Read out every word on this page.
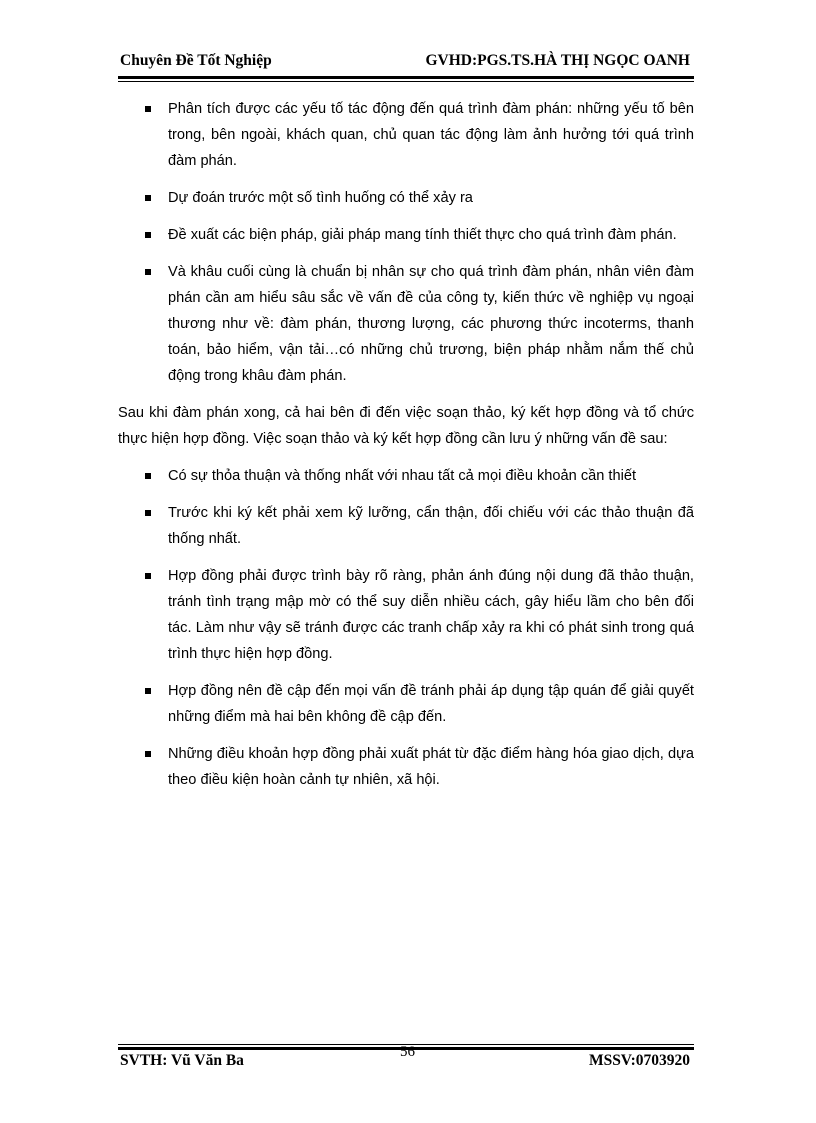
Chuyên Đề Tốt Nghiệp	GVHD:PGS.TS.HÀ THỊ NGỌC OANH
Phân tích được các yếu tố tác động đến quá trình đàm phán: những yếu tố bên trong, bên ngoài, khách quan, chủ quan tác động làm ảnh hưởng tới quá trình đàm phán.
Dự đoán trước một số tình huống có thể xảy ra
Đề xuất các biện pháp, giải pháp mang tính thiết thực cho quá trình đàm phán.
Và khâu cuối cùng là chuẩn bị nhân sự cho quá trình đàm phán, nhân viên đàm phán cần am hiểu sâu sắc về vấn đề của công ty, kiến thức về nghiệp vụ ngoại thương như về: đàm phán, thương lượng, các phương thức incoterms, thanh toán, bảo hiểm, vận tải…có những chủ trương, biện pháp nhằm nắm thế chủ động trong khâu đàm phán.

Sau khi đàm phán xong, cả hai bên đi đến việc soạn thảo, ký kết hợp đồng và tổ chức thực hiện hợp đồng. Việc soạn thảo và ký kết hợp đồng cần lưu ý những vấn đề sau:

Có sự thỏa thuận và thống nhất với nhau tất cả mọi điều khoản cần thiết
Trước khi ký kết phải xem kỹ lưỡng, cẩn thận, đối chiếu với các thảo thuận đã thống nhất.
Hợp đồng phải được trình bày rõ ràng, phản ánh đúng nội dung đã thảo thuận, tránh tình trạng mập mờ có thể suy diễn nhiều cách, gây hiểu lầm cho bên đối tác. Làm như vậy sẽ tránh được các tranh chấp xảy ra khi có phát sinh trong quá trình thực hiện hợp đồng.
Hợp đồng nên đề cập đến mọi vấn đề tránh phải áp dụng tập quán để giải quyết những điểm mà hai bên không đề cập đến.
Những điều khoản hợp đồng phải xuất phát từ đặc điểm hàng hóa giao dịch, dựa theo điều kiện hoàn cảnh tự nhiên, xã hội.
SVTH: Vũ Văn Ba	56	MSSV:0703920
